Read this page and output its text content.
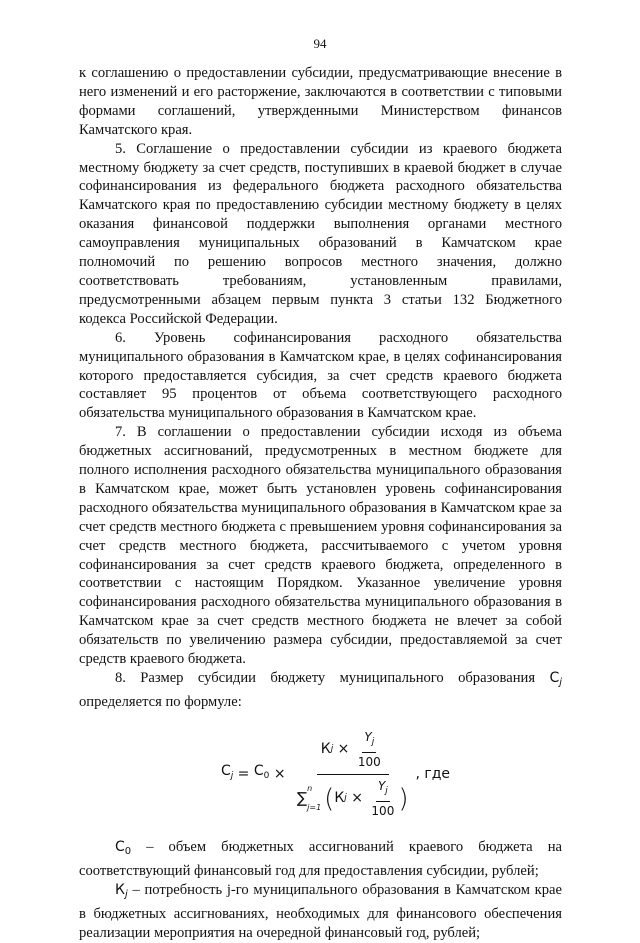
94

к соглашению о предоставлении субсидии, предусматривающие внесение в него изменений и его расторжение, заключаются в соответствии с типовыми формами соглашений, утвержденными Министерством финансов Камчатского края.

5. Соглашение о предоставлении субсидии из краевого бюджета местному бюджету за счет средств, поступивших в краевой бюджет в случае софинансирования из федерального бюджета расходного обязательства Камчатского края по предоставлению субсидии местному бюджету в целях оказания финансовой поддержки выполнения органами местного самоуправления муниципальных образований в Камчатском крае полномочий по решению вопросов местного значения, должно соответствовать требованиям, установленным правилами, предусмотренными абзацем первым пункта 3 статьи 132 Бюджетного кодекса Российской Федерации.

6. Уровень софинансирования расходного обязательства муниципального образования в Камчатском крае, в целях софинансирования которого предоставляется субсидия, за счет средств краевого бюджета составляет 95 процентов от объема соответствующего расходного обязательства муниципального образования в Камчатском крае.

7. В соглашении о предоставлении субсидии исходя из объема бюджетных ассигнований, предусмотренных в местном бюджете для полного исполнения расходного обязательства муниципального образования в Камчатском крае, может быть установлен уровень софинансирования расходного обязательства муниципального образования в Камчатском крае за счет средств местного бюджета с превышением уровня софинансирования за счет средств местного бюджета, рассчитываемого с учетом уровня софинансирования за счет средств краевого бюджета, определенного в соответствии с настоящим Порядком. Указанное увеличение уровня софинансирования расходного обязательства муниципального образования в Камчатском крае за счет средств местного бюджета не влечет за собой обязательств по увеличению размера субсидии, предоставляемой за счет средств краевого бюджета.

8. Размер субсидии бюджету муниципального образования $C_j$ определяется по формуле:

$C_j = C_0$ ×
К $j \times \frac{Y_j}{100}$
∑
n
j=1 ( К $j \times \frac{Y_j}{100}$ )
, где

$C_0$ – объем бюджетных ассигнований краевого бюджета на соответствующий финансовый год для предоставления субсидии, рублей;

$К_j$ – потребность j-го муниципального образования в Камчатском крае в бюджетных ассигнованиях, необходимых для финансового обеспечения реализации мероприятия на очередной финансовый год, рублей;
